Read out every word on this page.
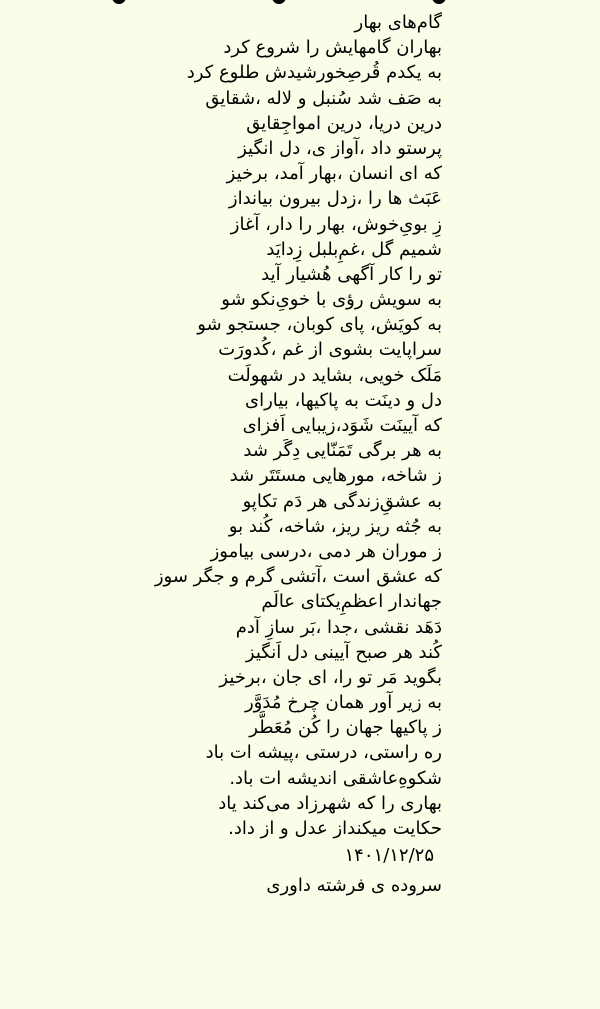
گام‌های بهار
بهاران گامهایش را شروع کرد
به یکدم قُرصِخورشیدش طلوع کرد
به صَف شد سُنبل و لاله ،شقایق
درین دریا، درین امواجِقایق
پرستو داد ،آواز ی، دل انگیز
که ای انسان ،بهار آمد، برخیز
عَبَث ها را ،زدل بیرون بیانداز
زِ بویِ‌خوش، بهار را دار، آغاز
شمیم گل ،غمِ‌بلبل زِدایَد
تو را کار آگهی هُشیار آید
به سویش رؤی با خویِ‌نکو شو
به کویَش، پای کوبان، جستجو شو
سراپایت بشوی از غم ،کُدورَت
مَلَک خویی، بشاید در شهولَت
دل و دینَت به پاکیها، بیارای
که آیینَت شَوَد،زیبایی اَفزای
به هر برگی تَمَنّایی دِگَر شد
ز شاخه، مورهایی مستَتَر شد
به عشقِ‌زندگی هر دَم تکاپو
به جُثه ریز ریز، شاخه، کُند بو
ز موران هر دمی ،درسی بیاموز
که عشق است ،آتشی گرم و جگر سوز
جهاندار اعظمِ‌یکتای عالَم
دَهَد نقشی ،جدا ،بَر سازِ آدم
کُند هر صبح آیینی دل اَنگیز
بگوید مَر تو را، ای جان ،برخیز
به زیر آور همان چرخ مُدَوَّر
ز پاکیها جهان را کُن مُعَطَّر
ره راستی، درستی ،پیشه ات باد
شکوهِ‌عاشقی اندیشه ات باد.
بهاری را که شهرزاد می‌کند یاد
حکایت میکنداز عدل و از داد.
۱۴۰۱/۱۲/۲۵
سروده ی فرشته داوری
